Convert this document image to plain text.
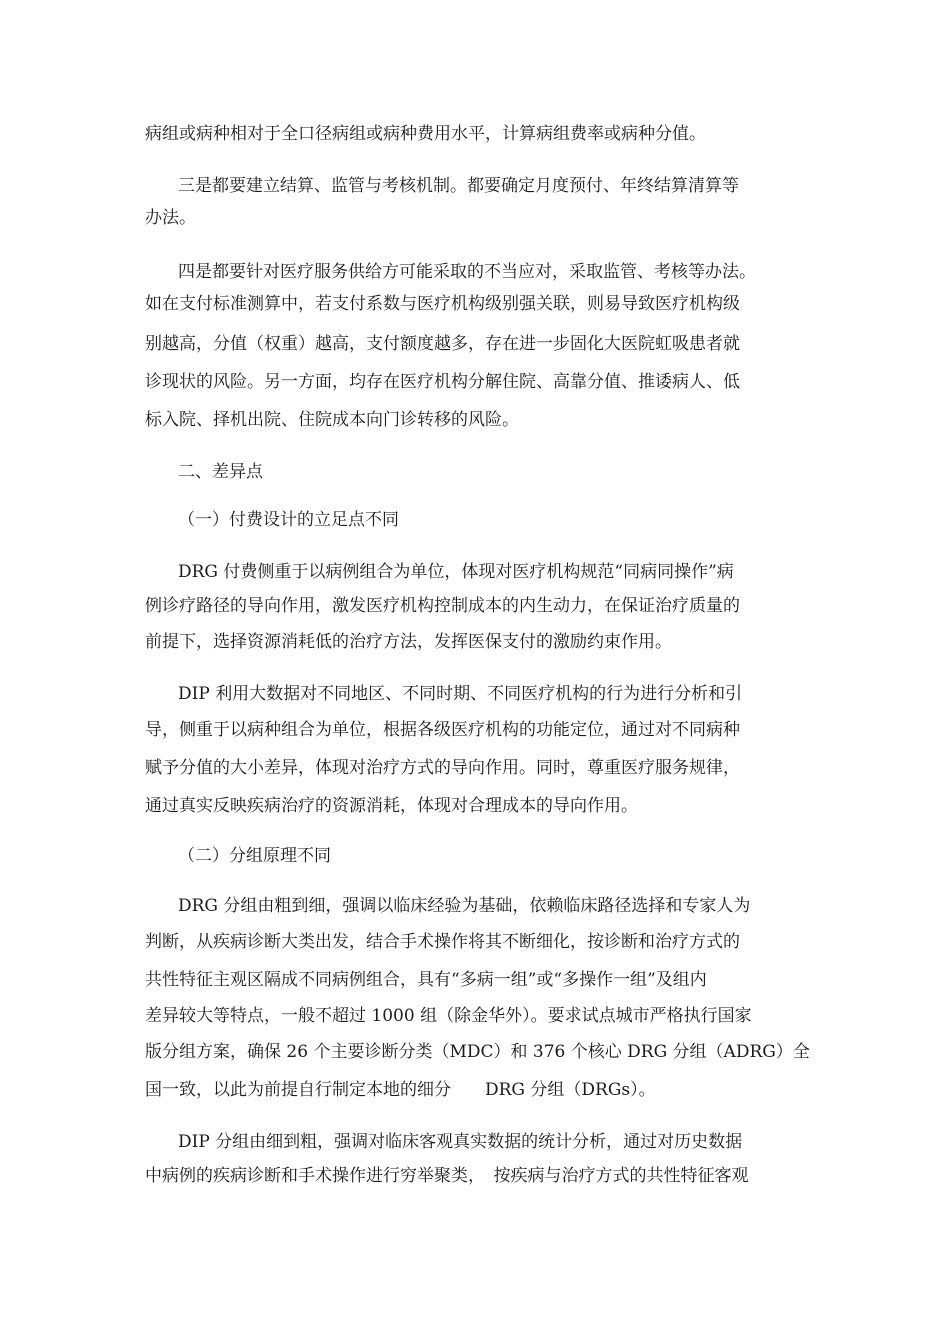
病组或病种相对于全口径病组或病种费用水平，计算病组费率或病种分值。
三是都要建立结算、监管与考核机制。都要确定月度预付、年终结算清算等
办法。
四是都要针对医疗服务供给方可能采取的不当应对，采取监管、考核等办法。
如在支付标准测算中，若支付系数与医疗机构级别强关联，则易导致医疗机构级
别越高，分值（权重）越高，支付额度越多，存在进一步固化大医院虹吸患者就
诊现状的风险。另一方面，均存在医疗机构分解住院、高靠分值、推诿病人、低
标入院、择机出院、住院成本向门诊转移的风险。
二、差异点
（一）付费设计的立足点不同
DRG 付费侧重于以病例组合为单位，体现对医疗机构规范“同病同操作”病
例诊疗路径的导向作用，激发医疗机构控制成本的内生动力，在保证治疗质量的
前提下，选择资源消耗低的治疗方法，发挥医保支付的激励约束作用。
DIP 利用大数据对不同地区、不同时期、不同医疗机构的行为进行分析和引
导，侧重于以病种组合为单位，根据各级医疗机构的功能定位，通过对不同病种
赋予分值的大小差异，体现对治疗方式的导向作用。同时，尊重医疗服务规律，
通过真实反映疾病治疗的资源消耗，体现对合理成本的导向作用。
（二）分组原理不同
DRG 分组由粗到细，强调以临床经验为基础，依赖临床路径选择和专家人为
判断，从疾病诊断大类出发，结合手术操作将其不断细化，按诊断和治疗方式的
共性特征主观区隔成不同病例组合，具有“多病一组”或“多操作一组”及组内
差异较大等特点，一般不超过 1000 组（除金华外）。要求试点城市严格执行国家
版分组方案，确保 26 个主要诊断分类（MDC）和 376 个核心 DRG 分组（ADRG）全
国一致，以此为前提自行制定本地的细分　　DRG 分组（DRGs）。
DIP 分组由细到粗，强调对临床客观真实数据的统计分析，通过对历史数据
中病例的疾病诊断和手术操作进行穷举聚类，　按疾病与治疗方式的共性特征客观
